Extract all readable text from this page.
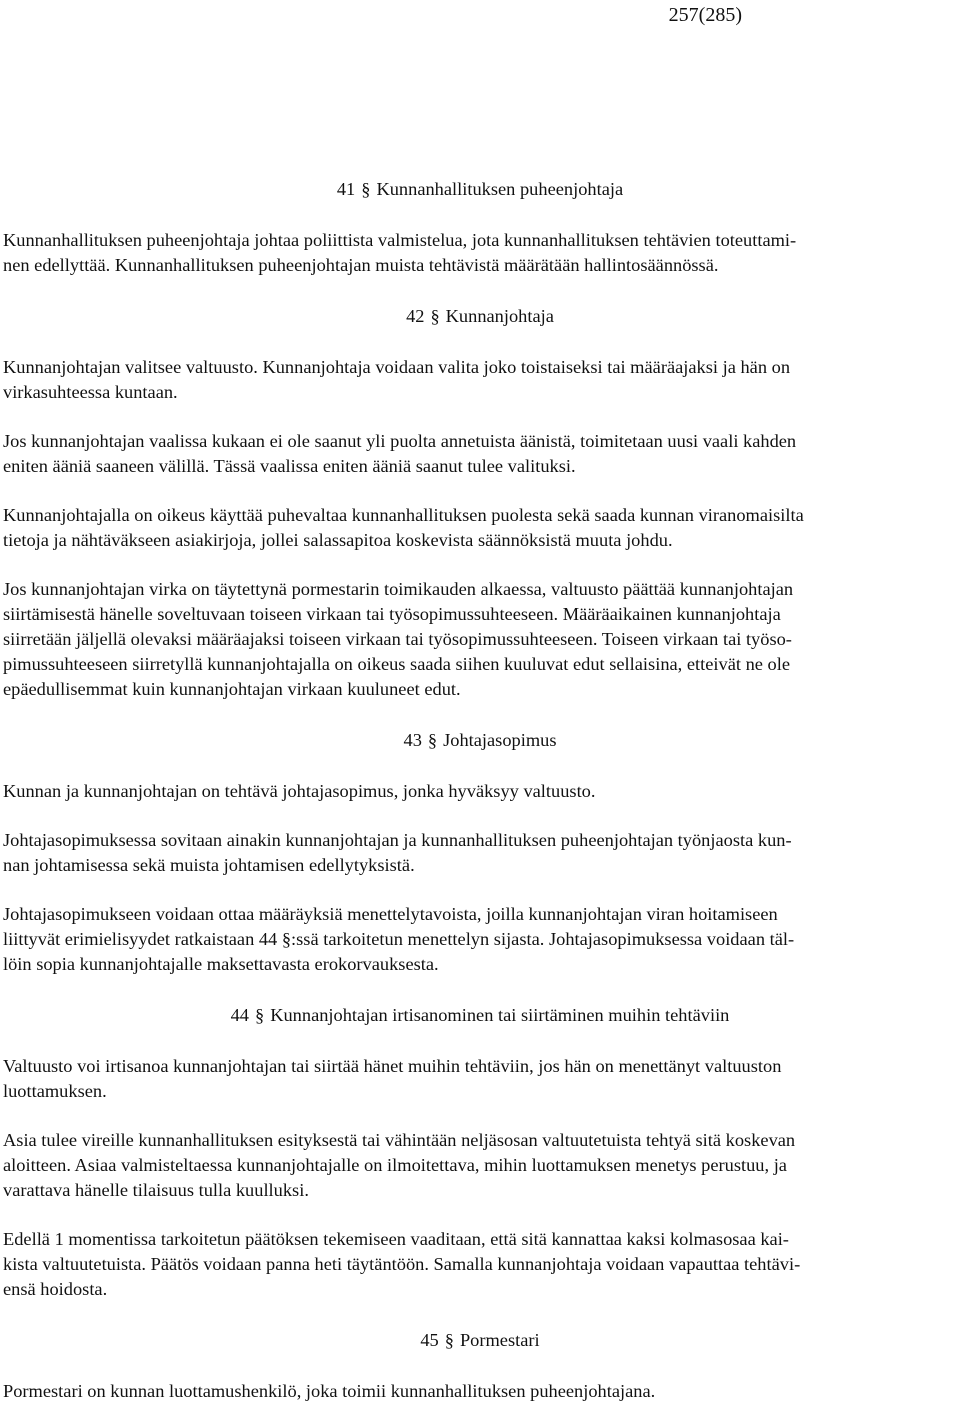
257(285)
41 § Kunnanhallituksen puheenjohtaja

Kunnanhallituksen puheenjohtaja johtaa poliittista valmistelua, jota kunnanhallituksen tehtävien toteuttami-
nen edellyttää. Kunnanhallituksen puheenjohtajan muista tehtävistä määrätään hallintosäännössä.

42 § Kunnanjohtaja

Kunnanjohtajan valitsee valtuusto. Kunnanjohtaja voidaan valita joko toistaiseksi tai määräajaksi ja hän on
virkasuhteessa kuntaan.

Jos kunnanjohtajan vaalissa kukaan ei ole saanut yli puolta annetuista äänistä, toimitetaan uusi vaali kahden
eniten ääniä saaneen välillä. Tässä vaalissa eniten ääniä saanut tulee valituksi.

Kunnanjohtajalla on oikeus käyttää puhevaltaa kunnanhallituksen puolesta sekä saada kunnan viranomaisilta
tietoja ja nähtäväkseen asiakirjoja, jollei salassapitoa koskevista säännöksistä muuta johdu.

Jos kunnanjohtajan virka on täytettynä pormestarin toimikauden alkaessa, valtuusto päättää kunnanjohtajan
siirtämisestä hänelle soveltuvaan toiseen virkaan tai työsopimussuhteeseen. Määräaikainen kunnanjohtaja
siirretään jäljellä olevaksi määräajaksi toiseen virkaan tai työsopimussuhteeseen. Toiseen virkaan tai työso-
pimussuhteeseen siirretyllä kunnanjohtajalla on oikeus saada siihen kuuluvat edut sellaisina, etteivät ne ole
epäedullisemmat kuin kunnanjohtajan virkaan kuuluneet edut.

43 § Johtajasopimus

Kunnan ja kunnanjohtajan on tehtävä johtajasopimus, jonka hyväksyy valtuusto.

Johtajasopimuksessa sovitaan ainakin kunnanjohtajan ja kunnanhallituksen puheenjohtajan työnjaosta kun-
nan johtamisessa sekä muista johtamisen edellytyksistä.

Johtajasopimukseen voidaan ottaa määräyksiä menettelytavoista, joilla kunnanjohtajan viran hoitamiseen
liittyvät erimielisyydet ratkaistaan 44 §:ssä tarkoitetun menettelyn sijasta. Johtajasopimuksessa voidaan täl-
löin sopia kunnanjohtajalle maksettavasta erokorvauksesta.

44 § Kunnanjohtajan irtisanominen tai siirtäminen muihin tehtäviin

Valtuusto voi irtisanoa kunnanjohtajan tai siirtää hänet muihin tehtäviin, jos hän on menettänyt valtuuston
luottamuksen.

Asia tulee vireille kunnanhallituksen esityksestä tai vähintään neljäsosan valtuutetuista tehtyä sitä koskevan
aloitteen. Asiaa valmisteltaessa kunnanjohtajalle on ilmoitettava, mihin luottamuksen menetys perustuu, ja
varattava hänelle tilaisuus tulla kuulluksi.

Edellä 1 momentissa tarkoitetun päätöksen tekemiseen vaaditaan, että sitä kannattaa kaksi kolmasosaa kai-
kista valtuutetuista. Päätös voidaan panna heti täytäntöön. Samalla kunnanjohtaja voidaan vapauttaa tehtävi-
ensä hoidosta.

45 § Pormestari

Pormestari on kunnan luottamushenkilö, joka toimii kunnanhallituksen puheenjohtajana.
